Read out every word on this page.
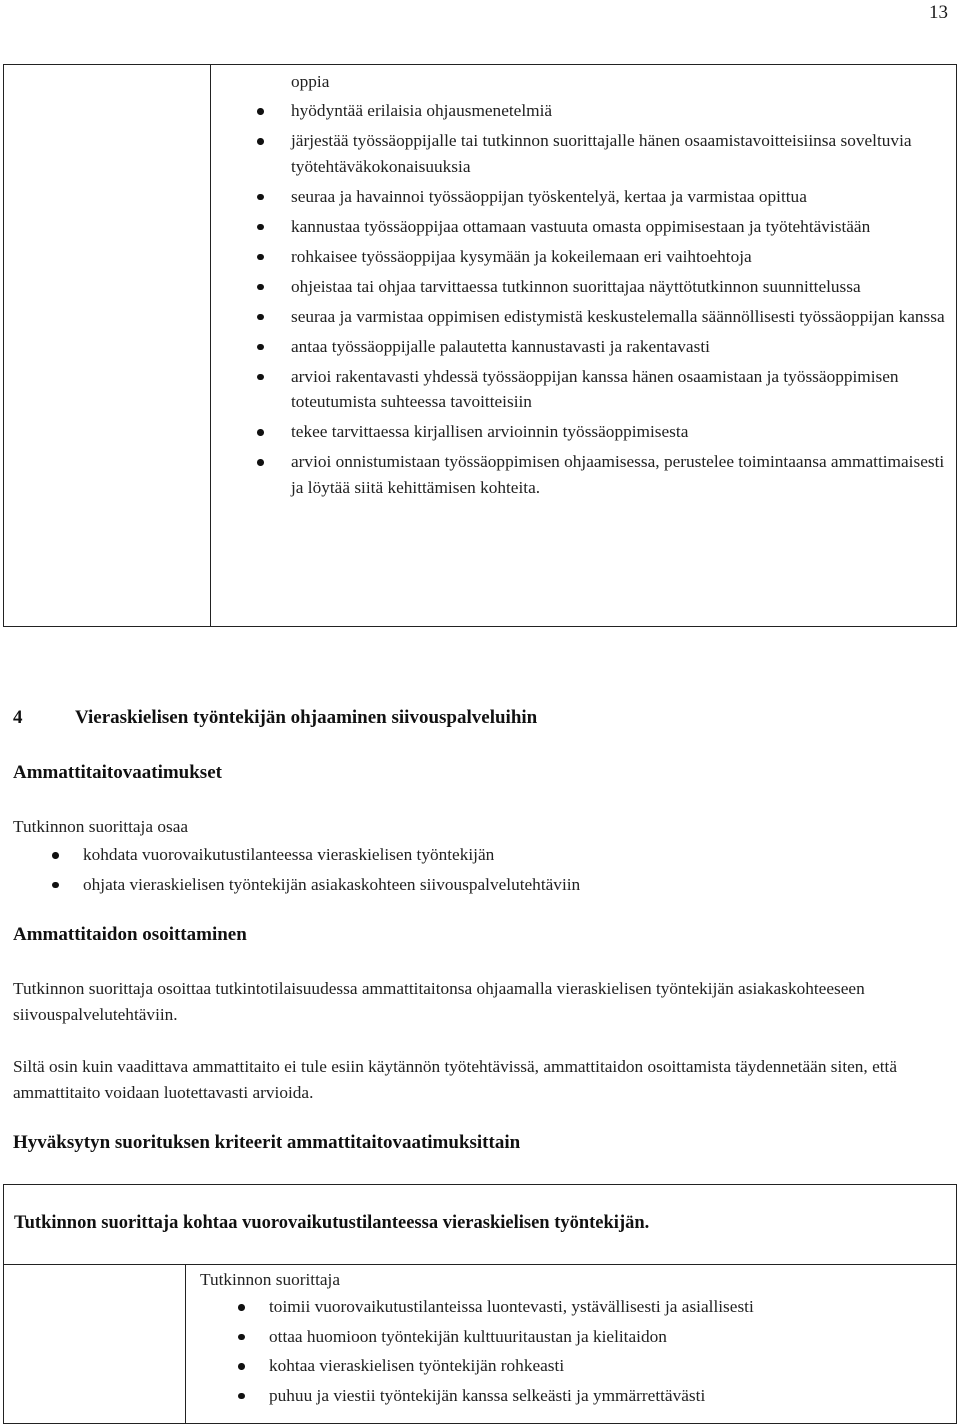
13
oppia
hyödyntää erilaisia ohjausmenetelmiä
järjestää työssäoppijalle tai tutkinnon suorittajalle hänen osaamistavoitteisiinsa soveltuvia työtehtäväkokonaisuuksia
seuraa ja havainnoi työssäoppijan työskentelyä, kertaa ja varmistaa opittua
kannustaa työssäoppijaa ottamaan vastuuta omasta oppimisestaan ja työtehtävistään
rohkaisee työssäoppijaa kysymään ja kokeilemaan eri vaihtoehtoja
ohjeistaa tai ohjaa tarvittaessa tutkinnon suorittajaa näyttötutkinnon suunnittelussa
seuraa ja varmistaa oppimisen edistymistä keskustelemalla säännöllisesti työssäoppijan kanssa
antaa työssäoppijalle palautetta kannustavasti ja rakentavasti
arvioi rakentavasti yhdessä työssäoppijan kanssa hänen osaamistaan ja työssäoppimisen toteutumista suhteessa tavoitteisiin
tekee tarvittaessa kirjallisen arvioinnin työssäoppimisesta
arvioi onnistumistaan työssäoppimisen ohjaamisessa, perustelee toimintaansa ammattimaisesti ja löytää siitä kehittämisen kohteita.
4	Vieraskielisen työntekijän ohjaaminen siivouspalveluihin
Ammattitaitovaatimukset
Tutkinnon suorittaja osaa
kohdata vuorovaikutustilanteessa vieraskielisen työntekijän
ohjata vieraskielisen työntekijän asiakaskohteen siivouspalvelutehtäviin
Ammattitaidon osoittaminen
Tutkinnon suorittaja osoittaa tutkintotilaisuudessa ammattitaitonsa ohjaamalla vieraskielisen työntekijän asiakaskohteeseen siivouspalvelutehtäviin.
Siltä osin kuin vaadittava ammattitaito ei tule esiin käytännön työtehtävissä, ammattitaidon osoittamista täydennetään siten, että ammattitaito voidaan luotettavasti arvioida.
Hyväksytyn suorituksen kriteerit ammattitaitovaatimuksittain
Tutkinnon suorittaja kohtaa vuorovaikutustilanteessa vieraskielisen työntekijän.
Tutkinnon suorittaja
toimii vuorovaikutustilanteissa luontevasti, ystävällisesti ja asiallisesti
ottaa huomioon työntekijän kulttuuritaustan ja kielitaidon
kohtaa vieraskielisen työntekijän rohkeasti
puhuu ja viestii työntekijän kanssa selkeästi ja ymmärrettävästi
